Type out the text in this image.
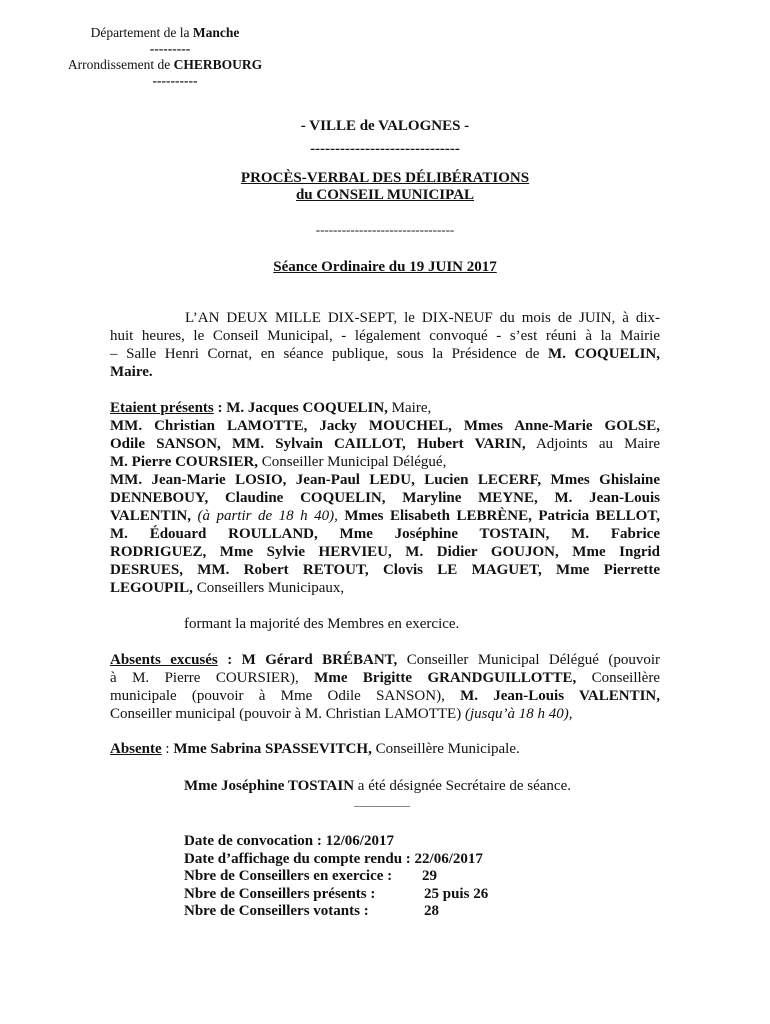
Département de la Manche
---------
Arrondissement de CHERBOURG
----------
- VILLE de VALOGNES -
------------------------------
PROCÈS-VERBAL DES DÉLIBÉRATIONS
du CONSEIL MUNICIPAL
--------------------------------
Séance Ordinaire du 19 JUIN 2017
L’AN DEUX MILLE DIX-SEPT, le DIX-NEUF du mois de JUIN, à dix-
huit heures, le Conseil Municipal, - légalement convoqué - s’est réuni à la Mairie
– Salle Henri Cornat, en séance publique, sous la Présidence de M. COQUELIN,
Maire.
Etaient présents : M. Jacques COQUELIN, Maire,
MM. Christian LAMOTTE, Jacky MOUCHEL, Mmes Anne-Marie GOLSE,
Odile SANSON, MM. Sylvain CAILLOT, Hubert VARIN, Adjoints au Maire
M. Pierre COURSIER, Conseiller Municipal Délégué,
MM. Jean-Marie LOSIO, Jean-Paul LEDU, Lucien LECERF, Mmes Ghislaine
DENNEBOUY, Claudine COQUELIN, Maryline MEYNE, M. Jean-Louis
VALENTIN, (à partir de 18 h 40), Mmes Elisabeth LEBRÈNE, Patricia BELLOT,
M. Édouard ROULLAND, Mme Joséphine TOSTAIN, M. Fabrice
RODRIGUEZ, Mme Sylvie HERVIEU, M. Didier GOUJON, Mme Ingrid
DESRUES, MM. Robert RETOUT, Clovis LE MAGUET, Mme Pierrette
LEGOUPIL, Conseillers Municipaux,
formant la majorité des Membres en exercice.
Absents excusés : M Gérard BRÉBANT, Conseiller Municipal Délégué (pouvoir
à M. Pierre COURSIER), Mme Brigitte GRANDGUILLOTTE, Conseillère
municipale (pouvoir à Mme Odile SANSON), M. Jean-Louis VALENTIN,
Conseiller municipal (pouvoir à M. Christian LAMOTTE) (jusqu’à 18 h 40),
Absente : Mme Sabrina SPASSEVITCH, Conseillère Municipale.
Mme Joséphine TOSTAIN a été désignée Secrétaire de séance.
—————
Date de convocation : 12/06/2017
Date d’affichage du compte rendu : 22/06/2017
Nbre de Conseillers en exercice : 29
Nbre de Conseillers présents :	25 puis 26
Nbre de Conseillers votants :	28
